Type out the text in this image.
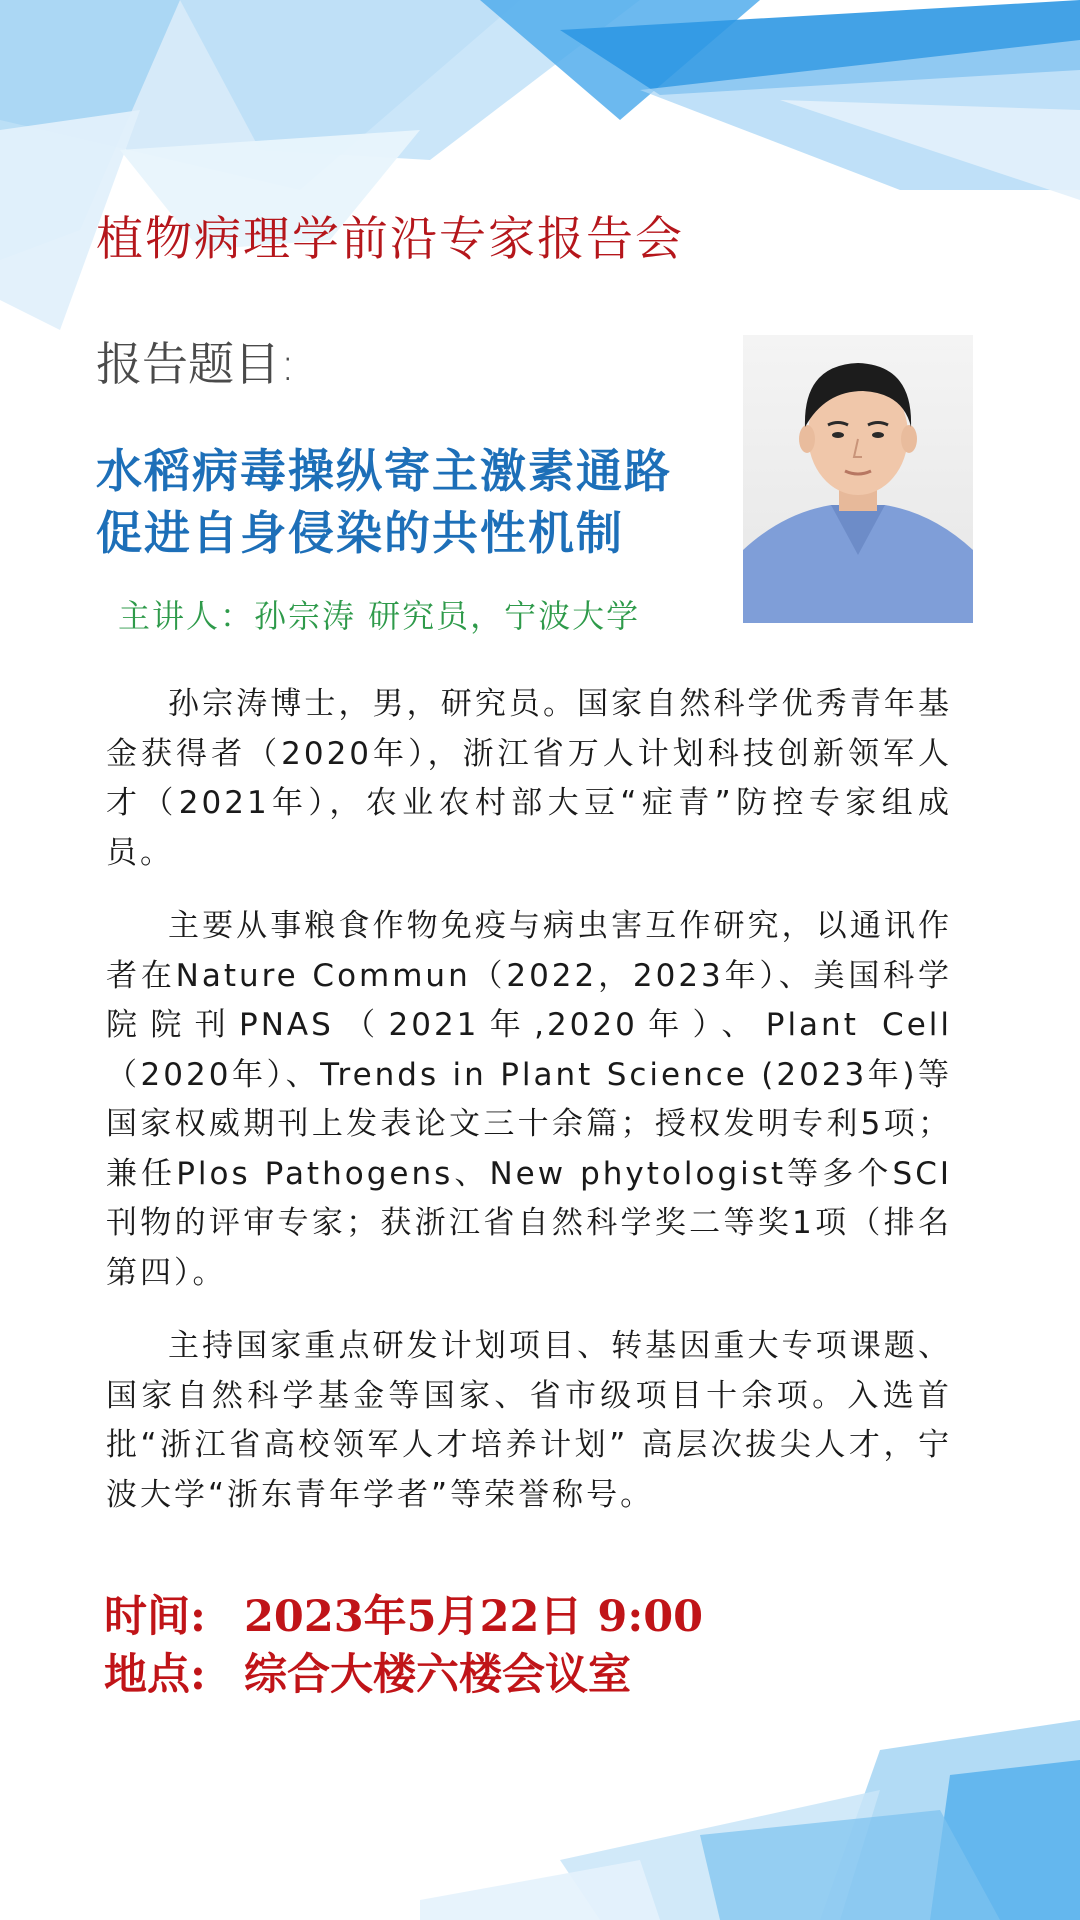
植物病理学前沿专家报告会
报告题目:
水稻病毒操纵寄主激素通路
促进自身侵染的共性机制
主讲人：孙宗涛 研究员，宁波大学

孙宗涛博士，男，研究员。国家自然科学优秀青年基金获得者（2020年），浙江省万人计划科技创新领军人才（2021年），农业农村部大豆“症青”防控专家组成员。

主要从事粮食作物免疫与病虫害互作研究，以通讯作者在Nature Commun（2022，2023年）、美国科学院院刊PNAS（2021年,2020年）、Plant Cell（2020年）、Trends in Plant Science (2023年)等国家权威期刊上发表论文三十余篇；授权发明专利5项；兼任Plos Pathogens、New phytologist等多个SCI刊物的评审专家；获浙江省自然科学奖二等奖1项（排名第四）。

主持国家重点研发计划项目、转基因重大专项课题、国家自然科学基金等国家、省市级项目十余项。入选首批“浙江省高校领军人才培养计划” 高层次拔尖人才，宁波大学“浙东青年学者”等荣誉称号。

时间: 2023年5月22日 9:00
地点: 综合大楼六楼会议室
